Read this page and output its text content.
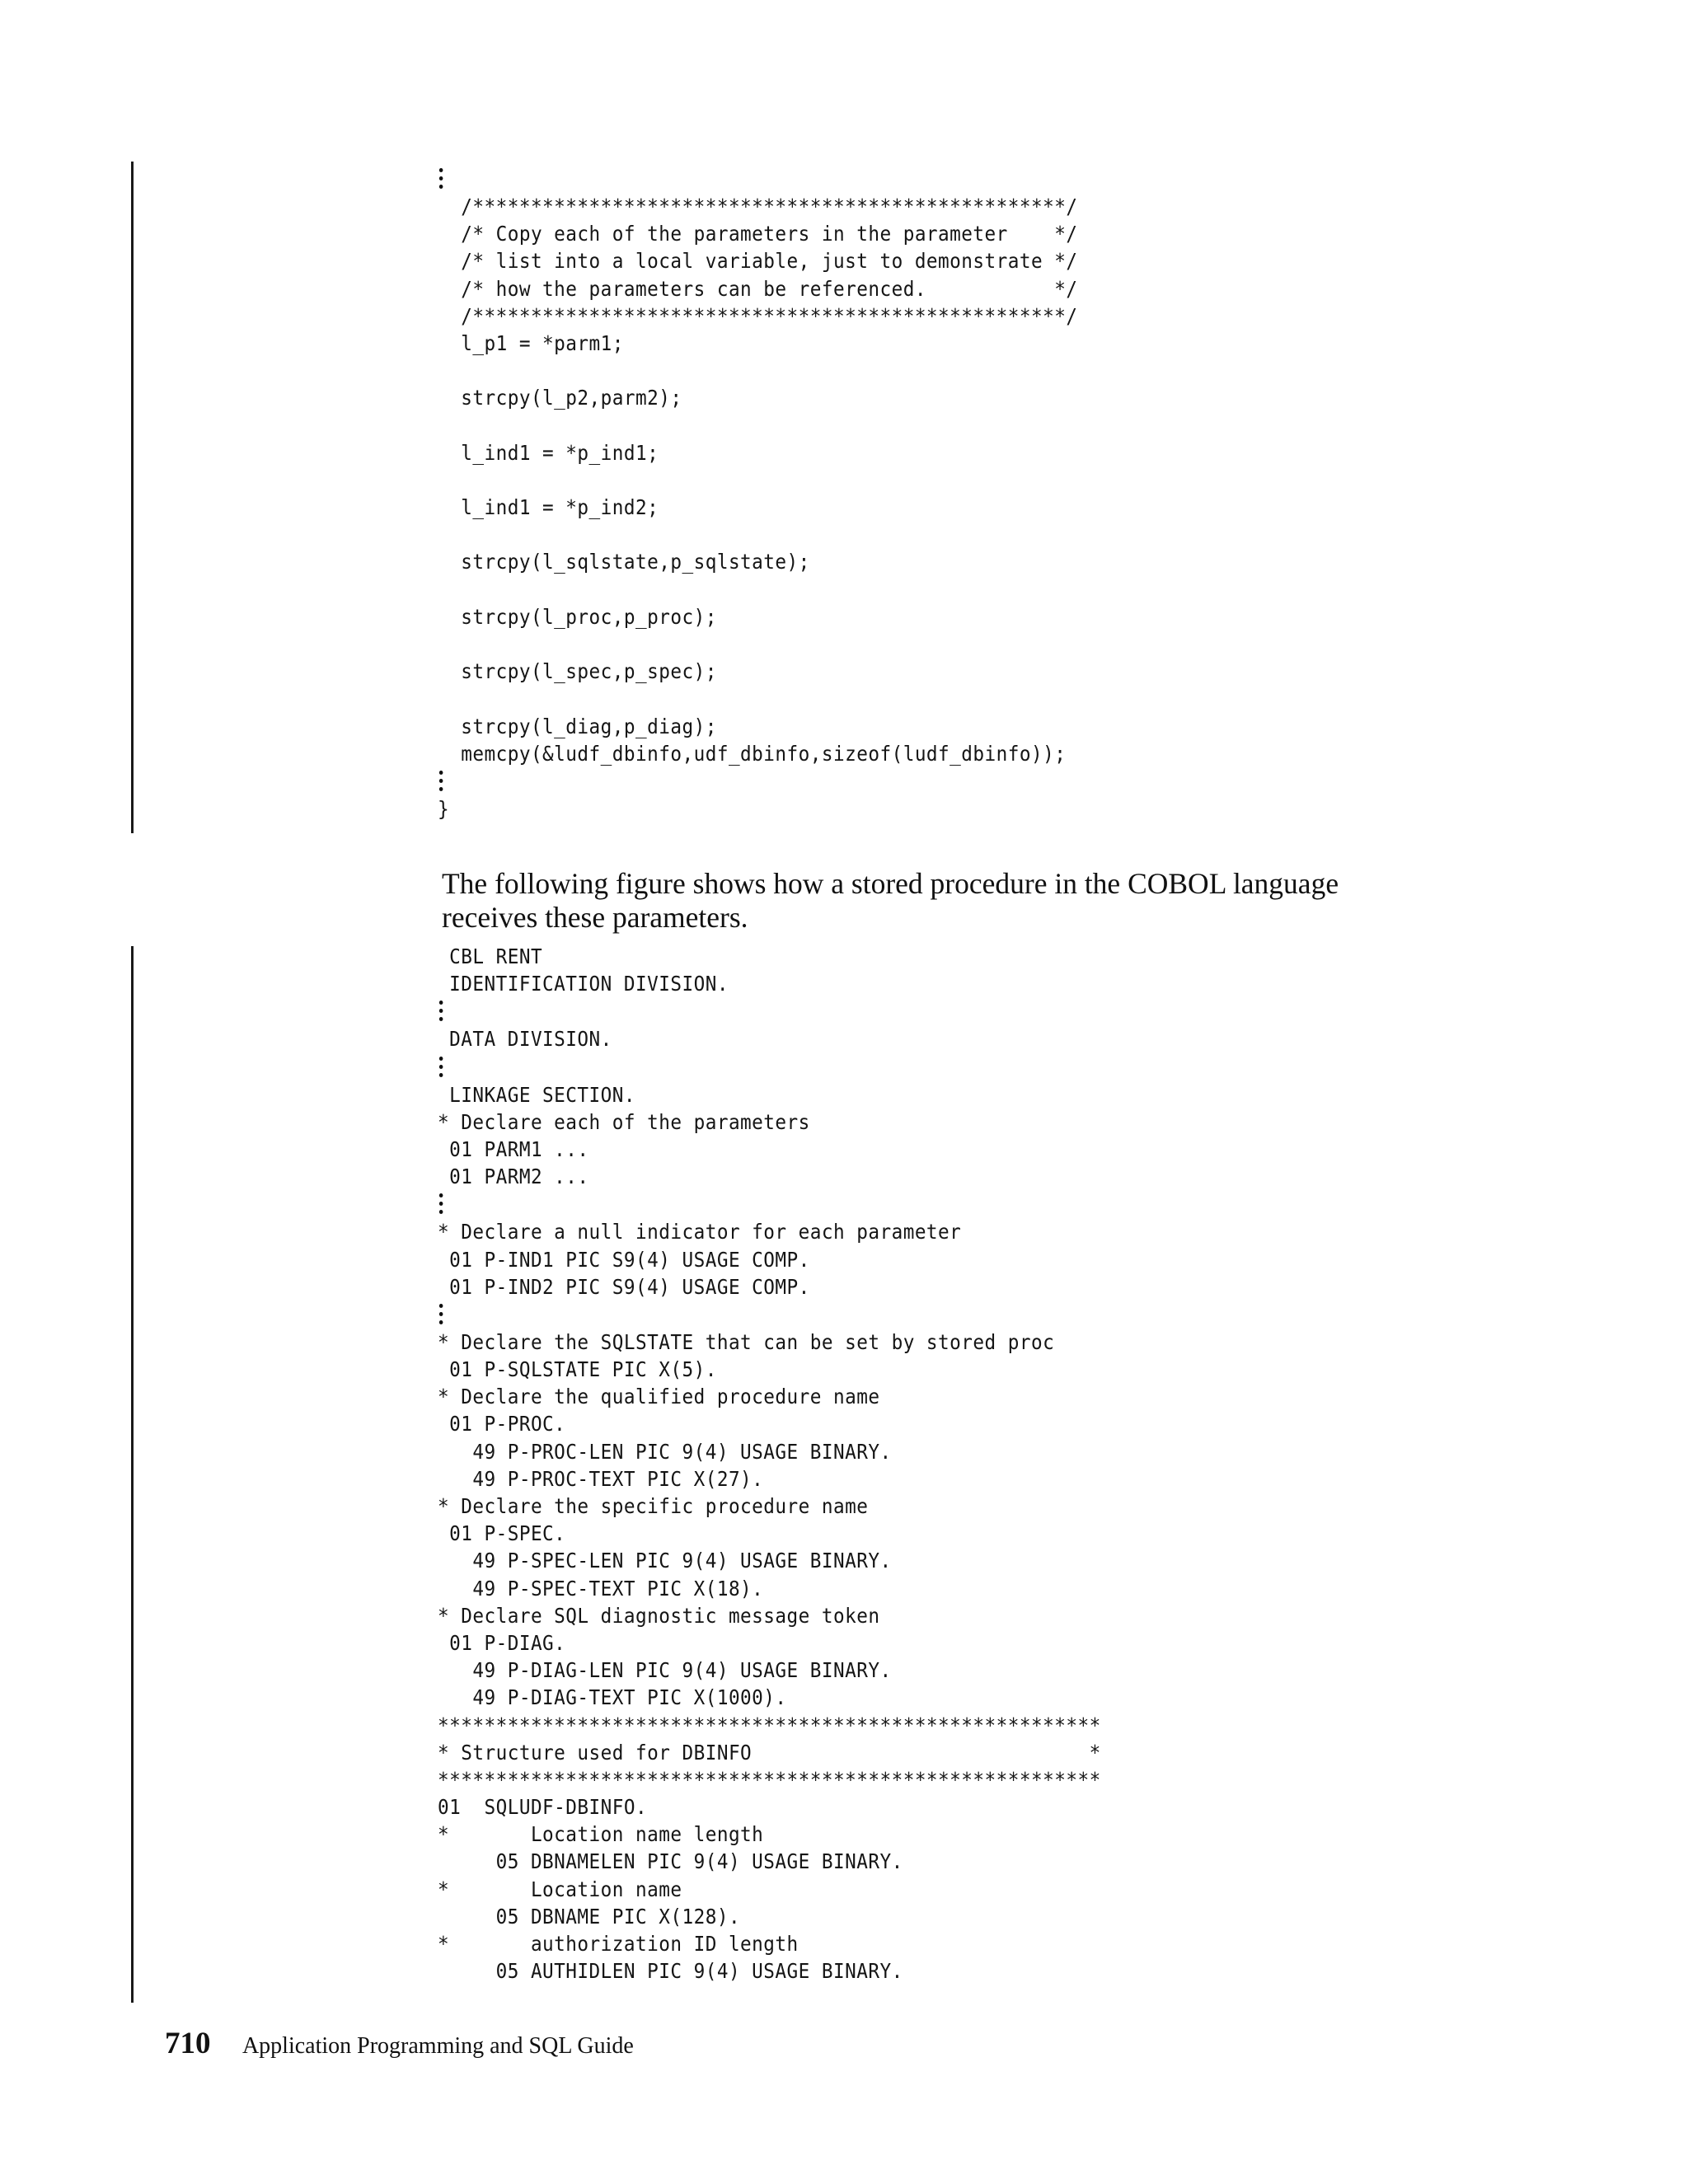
/***************************************************/
/* Copy each of the parameters in the parameter    */
/* list into a local variable, just to demonstrate */
/* how the parameters can be referenced.           */
/***************************************************/
l_p1 = *parm1;
strcpy(l_p2,parm2);
l_ind1 = *p_ind1;
l_ind1 = *p_ind2;
strcpy(l_sqlstate,p_sqlstate);
strcpy(l_proc,p_proc);
strcpy(l_spec,p_spec);
strcpy(l_diag,p_diag);
memcpy(&ludf_dbinfo,udf_dbinfo,sizeof(ludf_dbinfo));
}

The following figure shows how a stored procedure in the COBOL language receives these parameters.

CBL RENT
IDENTIFICATION DIVISION.
DATA DIVISION.
LINKAGE SECTION.
* Declare each of the parameters
01 PARM1 ...
01 PARM2 ...
* Declare a null indicator for each parameter
01 P-IND1 PIC S9(4) USAGE COMP.
01 P-IND2 PIC S9(4) USAGE COMP.
* Declare the SQLSTATE that can be set by stored proc
01 P-SQLSTATE PIC X(5).
* Declare the qualified procedure name
01 P-PROC.
49 P-PROC-LEN PIC 9(4) USAGE BINARY.
49 P-PROC-TEXT PIC X(27).
* Declare the specific procedure name
01 P-SPEC.
49 P-SPEC-LEN PIC 9(4) USAGE BINARY.
49 P-SPEC-TEXT PIC X(18).
* Declare SQL diagnostic message token
01 P-DIAG.
49 P-DIAG-LEN PIC 9(4) USAGE BINARY.
49 P-DIAG-TEXT PIC X(1000).
*********************************************************
* Structure used for DBINFO                             *
*********************************************************
01  SQLUDF-DBINFO.
*       Location name length
05 DBNAMELEN PIC 9(4) USAGE BINARY.
*       Location name
05 DBNAME PIC X(128).
*       authorization ID length
05 AUTHIDLEN PIC 9(4) USAGE BINARY.
710 Application Programming and SQL Guide
